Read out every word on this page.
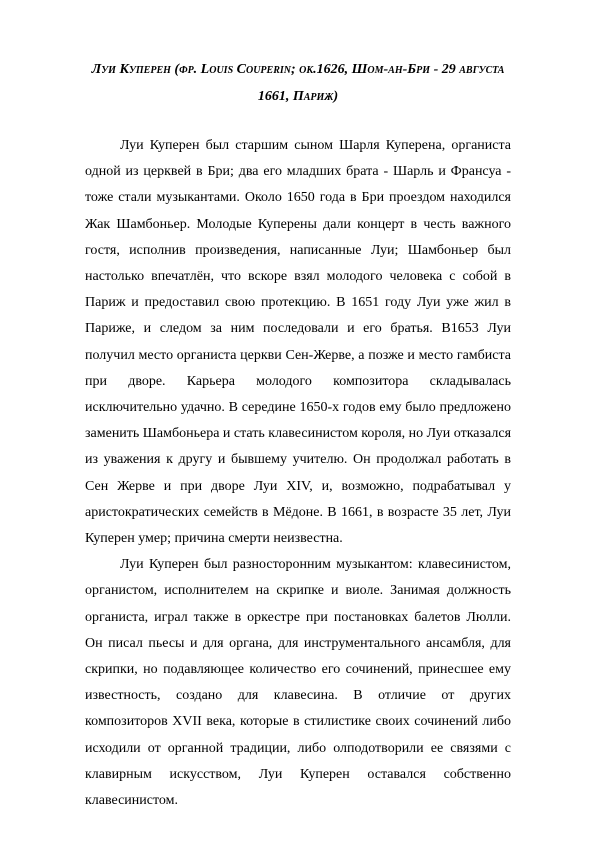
Луи Куперен (фр. Louis Couperin; ок.1626, Шом-ан-Бри - 29 августа
1661, Париж)

Луи Куперен был старшим сыном Шарля Куперена, органиста одной из церквей в Бри; два его младших брата - Шарль и Франсуа - тоже стали музыкантами. Около 1650 года в Бри проездом находился Жак Шамбоньер. Молодые Куперены дали концерт в честь важного гостя, исполнив произведения, написанные Луи; Шамбоньер был настолько впечатлён, что вскоре взял молодого человека с собой в Париж и предоставил свою протекцию. В 1651 году Луи уже жил в Париже, и следом за ним последовали и его братья. В1653 Луи получил место органиста церкви Сен-Жерве, а позже и место гамбиста при дворе. Карьера молодого композитора складывалась исключительно удачно. В середине 1650-х годов ему было предложено заменить Шамбоньера и стать клавесинистом короля, но Луи отказался из уважения к другу и бывшему учителю. Он продолжал работать в Сен Жерве и при дворе Луи XIV, и, возможно, подрабатывал у аристократических семейств в Мёдоне. В 1661, в возрасте 35 лет, Луи Куперен умер; причина смерти неизвестна.

Луи Куперен был разносторонним музыкантом: клавесинистом, органистом, исполнителем на скрипке и виоле. Занимая должность органиста, играл также в оркестре при постановках балетов Люлли. Он писал пьесы и для органа, для инструментального ансамбля, для скрипки, но подавляющее количество его сочинений, принесшее ему известность, создано для клавесина. В отличие от других композиторов XVII века, которые в стилистике своих сочинений либо исходили от органной традиции, либо олподотворили ее связями с клавирным искусством, Луи Куперен оставался собственно клавесинистом.
